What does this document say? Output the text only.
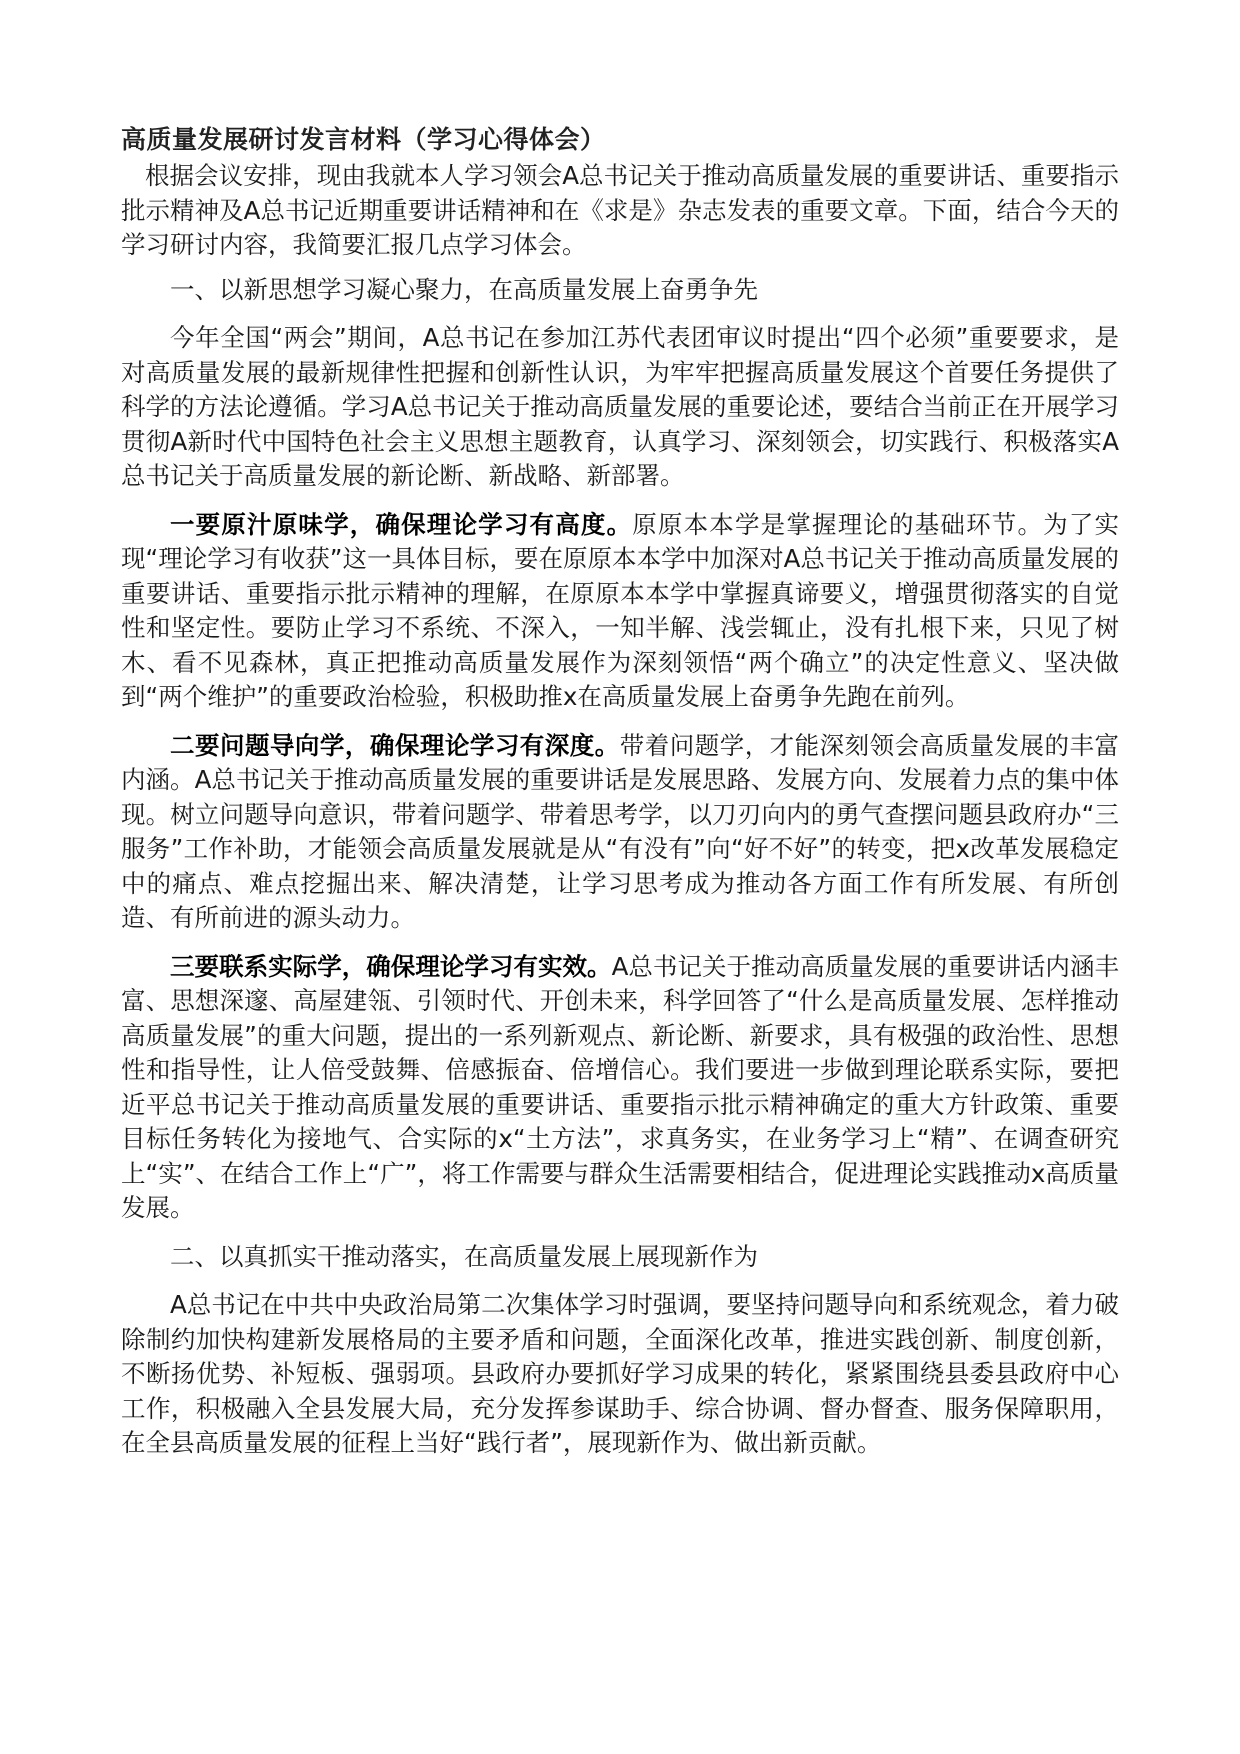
高质量发展研讨发言材料（学习心得体会）

根据会议安排，现由我就本人学习领会A总书记关于推动高质量发展的重要讲话、重要指示批示精神及A总书记近期重要讲话精神和在《求是》杂志发表的重要文章。下面，结合今天的学习研讨内容，我简要汇报几点学习体会。

一、以新思想学习凝心聚力，在高质量发展上奋勇争先

今年全国“两会”期间，A总书记在参加江苏代表团审议时提出“四个必须”重要要求，是对高质量发展的最新规律性把握和创新性认识，为牢牢把握高质量发展这个首要任务提供了科学的方法论遵循。学习A总书记关于推动高质量发展的重要论述，要结合当前正在开展学习贯彻A新时代中国特色社会主义思想主题教育，认真学习、深刻领会，切实践行、积极落实A总书记关于高质量发展的新论断、新战略、新部署。

一要原汁原味学，确保理论学习有高度。原原本本学是掌握理论的基础环节。为了实现“理论学习有收获”这一具体目标，要在原原本本学中加深对A总书记关于推动高质量发展的重要讲话、重要指示批示精神的理解，在原原本本学中掌握真谛要义，增强贯彻落实的自觉性和坚定性。要防止学习不系统、不深入，一知半解、浅尝辄止，没有扎根下来，只见了树木、看不见森林，真正把推动高质量发展作为深刻领悟“两个确立”的决定性意义、坚决做到“两个维护”的重要政治检验，积极助推x在高质量发展上奋勇争先跑在前列。

二要问题导向学，确保理论学习有深度。带着问题学，才能深刻领会高质量发展的丰富内涵。A总书记关于推动高质量发展的重要讲话是发展思路、发展方向、发展着力点的集中体现。树立问题导向意识，带着问题学、带着思考学，以刀刃向内的勇气查摆问题县政府办“三服务”工作补助，才能领会高质量发展就是从“有没有”向“好不好”的转变，把x改革发展稳定中的痛点、难点挖掘出来、解决清楚，让学习思考成为推动各方面工作有所发展、有所创造、有所前进的源头动力。

三要联系实际学，确保理论学习有实效。A总书记关于推动高质量发展的重要讲话内涵丰富、思想深邃、高屋建瓴、引领时代、开创未来，科学回答了“什么是高质量发展、怎样推动高质量发展”的重大问题，提出的一系列新观点、新论断、新要求，具有极强的政治性、思想性和指导性，让人倍受鼓舞、倍感振奋、倍增信心。我们要进一步做到理论联系实际，要把近平总书记关于推动高质量发展的重要讲话、重要指示批示精神确定的重大方针政策、重要目标任务转化为接地气、合实际的x“土方法”，求真务实，在业务学习上“精”、在调查研究上“实”、在结合工作上“广”，将工作需要与群众生活需要相结合，促进理论实践推动x高质量发展。

二、以真抓实干推动落实，在高质量发展上展现新作为

A总书记在中共中央政治局第二次集体学习时强调，要坚持问题导向和系统观念，着力破除制约加快构建新发展格局的主要矛盾和问题，全面深化改革，推进实践创新、制度创新，不断扬优势、补短板、强弱项。县政府办要抓好学习成果的转化，紧紧围绕县委县政府中心工作，积极融入全县发展大局，充分发挥参谋助手、综合协调、督办督查、服务保障职用，在全县高质量发展的征程上当好“践行者”，展现新作为、做出新贡献。
